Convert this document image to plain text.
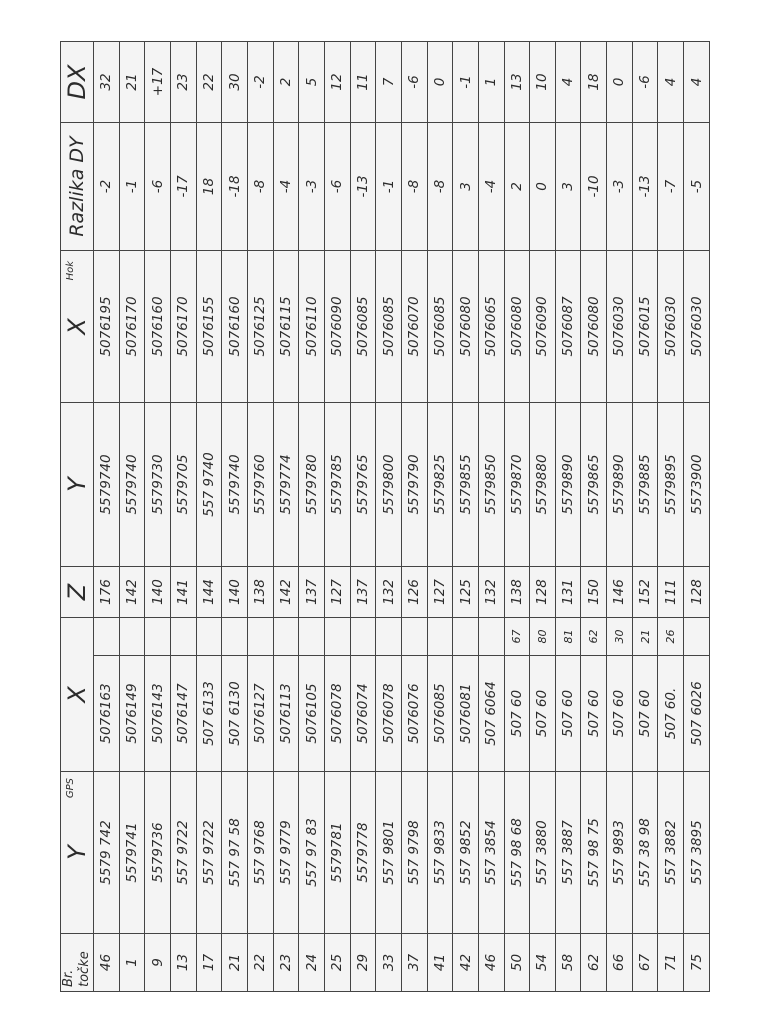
Br.
točke	Y
GPS	X		Z	Y	X
Hok	Razlika DY	DX
46	5579 742	5076163		176	5579740	5076195	-2	32
1	5579741	5076149		142	5579740	5076170	-1	21
9	5579736	5076143		140	5579730	5076160	-6	+17
13	557 9722	5076147		141	5579705	5076170	-17	23
17	557 9722	507 6133		144	557 9740	5076155	18	22
21	557 97 58	507 6130		140	5579740	5076160	-18	30
22	557 9768	5076127		138	5579760	5076125	-8	-2
23	557 9779	5076113		142	5579774	5076115	-4	2
24	557 97 83	5076105		137	5579780	5076110	-3	5
25	5579781	5076078		127	5579785	5076090	-6	12
29	5579778	5076074		137	5579765	5076085	-13	11
33	557 9801	5076078		132	5579800	5076085	-1	7
37	557 9798	5076076		126	5579790	5076070	-8	-6
41	557 9833	5076085		127	5579825	5076085	-8	0
42	557 9852	5076081		125	5579855	5076080	3	-1
46	557 3854	507 6064		132	5579850	5076065	-4	1
50	557 98 68	507 60	67	138	5579870	5076080	2	13
54	557 3880	507 60	80	128	5579880	5076090	0	10
58	557 3887	507 60	81	131	5579890	5076087	3	4
62	557 98 75	507 60	62	150	5579865	5076080	-10	18
66	557 9893	507 60	30	146	5579890	5076030	-3	0
67	557 38 98	507 60	21	152	5579885	5076015	-13	-6
71	557 3882	507 60.	26	111	5579895	5076030	-7	4
75	557 3895	507 6026		128	5573900	5076030	-5	4
